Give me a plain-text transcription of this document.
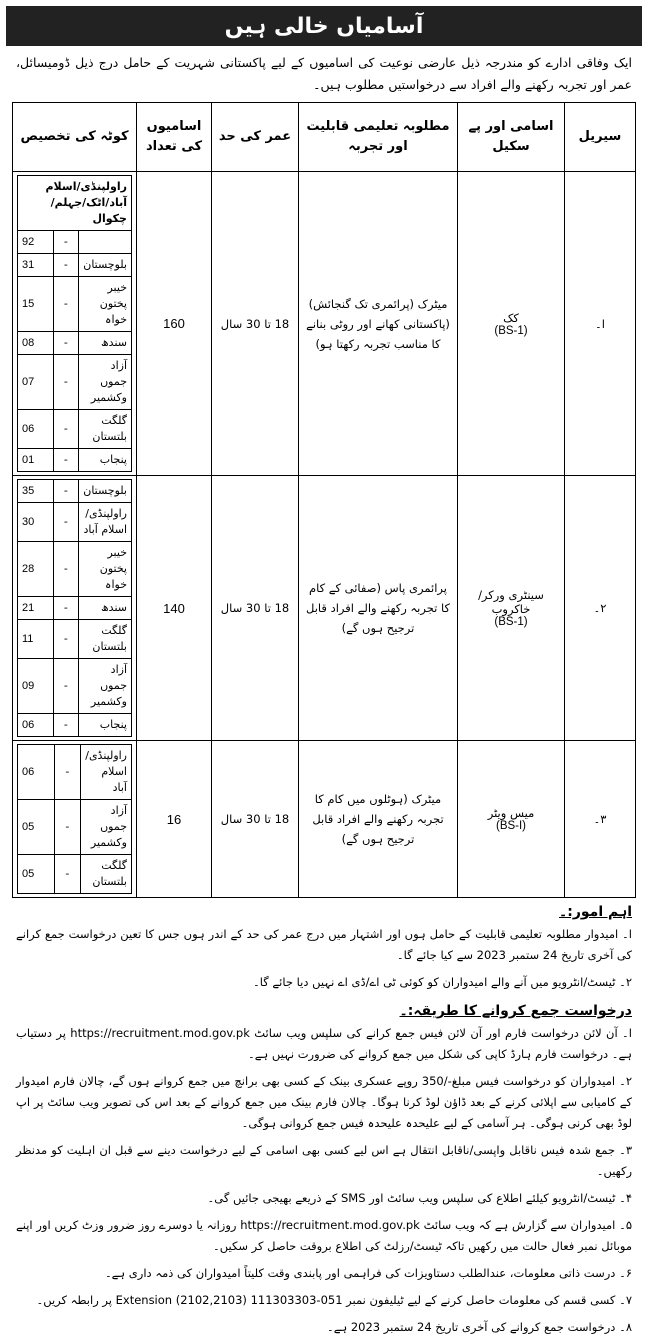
آسامیاں خالی ہیں
ایک وفاقی ادارے کو مندرجہ ذیل عارضی نوعیت کی اسامیوں کے لیے پاکستانی شہریت کے حامل درج ذیل ڈومیسائل، عمر اور تجربہ رکھنے والے افراد سے درخواستیں مطلوب ہیں۔
سیریل	اسامی اور پے سکیل	مطلوبہ تعلیمی قابلیت اور تجربہ	عمر کی حد	اسامیوں کی تعداد	کوٹہ کی تخصیص
ا۔	
کک
(BS-1)
	میٹرک (پرائمری تک گنجائش) (پاکستانی کھانے اور روٹی بنانے کا مناسب تجربہ رکھتا ہو)	18 تا 30 سال	160	
راولپنڈی/اسلام آباد/اٹک/جہلم/چکوال
	-	92
بلوچستان	-	31
خیبر پختون خواہ	-	15
سندھ	-	08
آزاد جموں وکشمیر	-	07
گلگت بلتستان	-	06
پنجاب	-	01

۲۔	
سینٹری ورکر/خاکروب
(BS-1)
	پرائمری پاس (صفائی کے کام کا تجربہ رکھنے والے افراد قابل ترجیح ہوں گے)	18 تا 30 سال	140	
بلوچستان	-	35
راولپنڈی/اسلام آباد	-	30
خیبر پختون خواہ	-	28
سندھ	-	21
گلگت بلتستان	-	11
آزاد جموں وکشمیر	-	09
پنجاب	-	06

۳۔	
میس ویٹر
(BS-I)
	میٹرک (ہوٹلوں میں کام کا تجربہ رکھنے والے افراد قابل ترجیح ہوں گے)	18 تا 30 سال	16	
راولپنڈی/اسلام آباد	-	06
آزاد جموں وکشمیر	-	05
گلگت بلتستان	-	05
اہم امور:۔
ا۔ امیدوار مطلوبہ تعلیمی قابلیت کے حامل ہوں اور اشتہار میں درج عمر کی حد کے اندر ہوں جس کا تعین درخواست جمع کرانے کی آخری تاریخ 24 ستمبر 2023 سے کیا جائے گا۔
۲۔ ٹیسٹ/انٹرویو میں آنے والے امیدواران کو کوئی ٹی اے/ڈی اے نہیں دیا جائے گا۔
درخواست جمع کروانے کا طریقہ:۔
ا۔ آن لائن درخواست فارم اور آن لائن فیس جمع کرانے کی سلپس ویب سائٹ https://recruitment.mod.gov.pk پر دستیاب ہے۔ درخواست فارم ہارڈ کاپی کی شکل میں جمع کروانے کی ضرورت نہیں ہے۔
۲۔ امیدواران کو درخواست فیس مبلغ-/350 روپے عسکری بینک کے کسی بھی برانچ میں جمع کروانے ہوں گے، چالان فارم امیدوار کے کامیابی سے اپلائی کرنے کے بعد ڈاؤن لوڈ کرنا ہوگا۔ چالان فارم بینک میں جمع کروانے کے بعد اس کی تصویر ویب سائٹ پر اپ لوڈ بھی کرنی ہوگی۔ ہر آسامی کے لیے علیحدہ علیحدہ فیس جمع کروانی ہوگی۔
۳۔ جمع شدہ فیس ناقابل واپسی/ناقابل انتقال ہے اس لیے کسی بھی اسامی کے لیے درخواست دینے سے قبل ان اہلیت کو مدنظر رکھیں۔
۴۔ ٹیسٹ/انٹرویو کیلئے اطلاع کی سلپس ویب سائٹ اور SMS کے ذریعے بھیجی جائیں گی۔
۵۔ امیدواران سے گزارش ہے کہ ویب سائٹ https://recruitment.mod.gov.pk روزانہ یا دوسرے روز ضرور وزٹ کریں اور اپنے موبائل نمبر فعال حالت میں رکھیں تاکہ ٹیسٹ/رزلٹ کی اطلاع بروقت حاصل کر سکیں۔
۶۔ درست ذاتی معلومات، عندالطلب دستاویزات کی فراہمی اور پابندی وقت کلیتاً امیدواران کی ذمہ داری ہے۔
۷۔ کسی قسم کی معلومات حاصل کرنے کے لیے ٹیلیفون نمبر 051-111303303 Extension (2102,2103) پر رابطہ کریں۔
۸۔ درخواست جمع کروانے کی آخری تاریخ 24 ستمبر 2023 ہے۔
